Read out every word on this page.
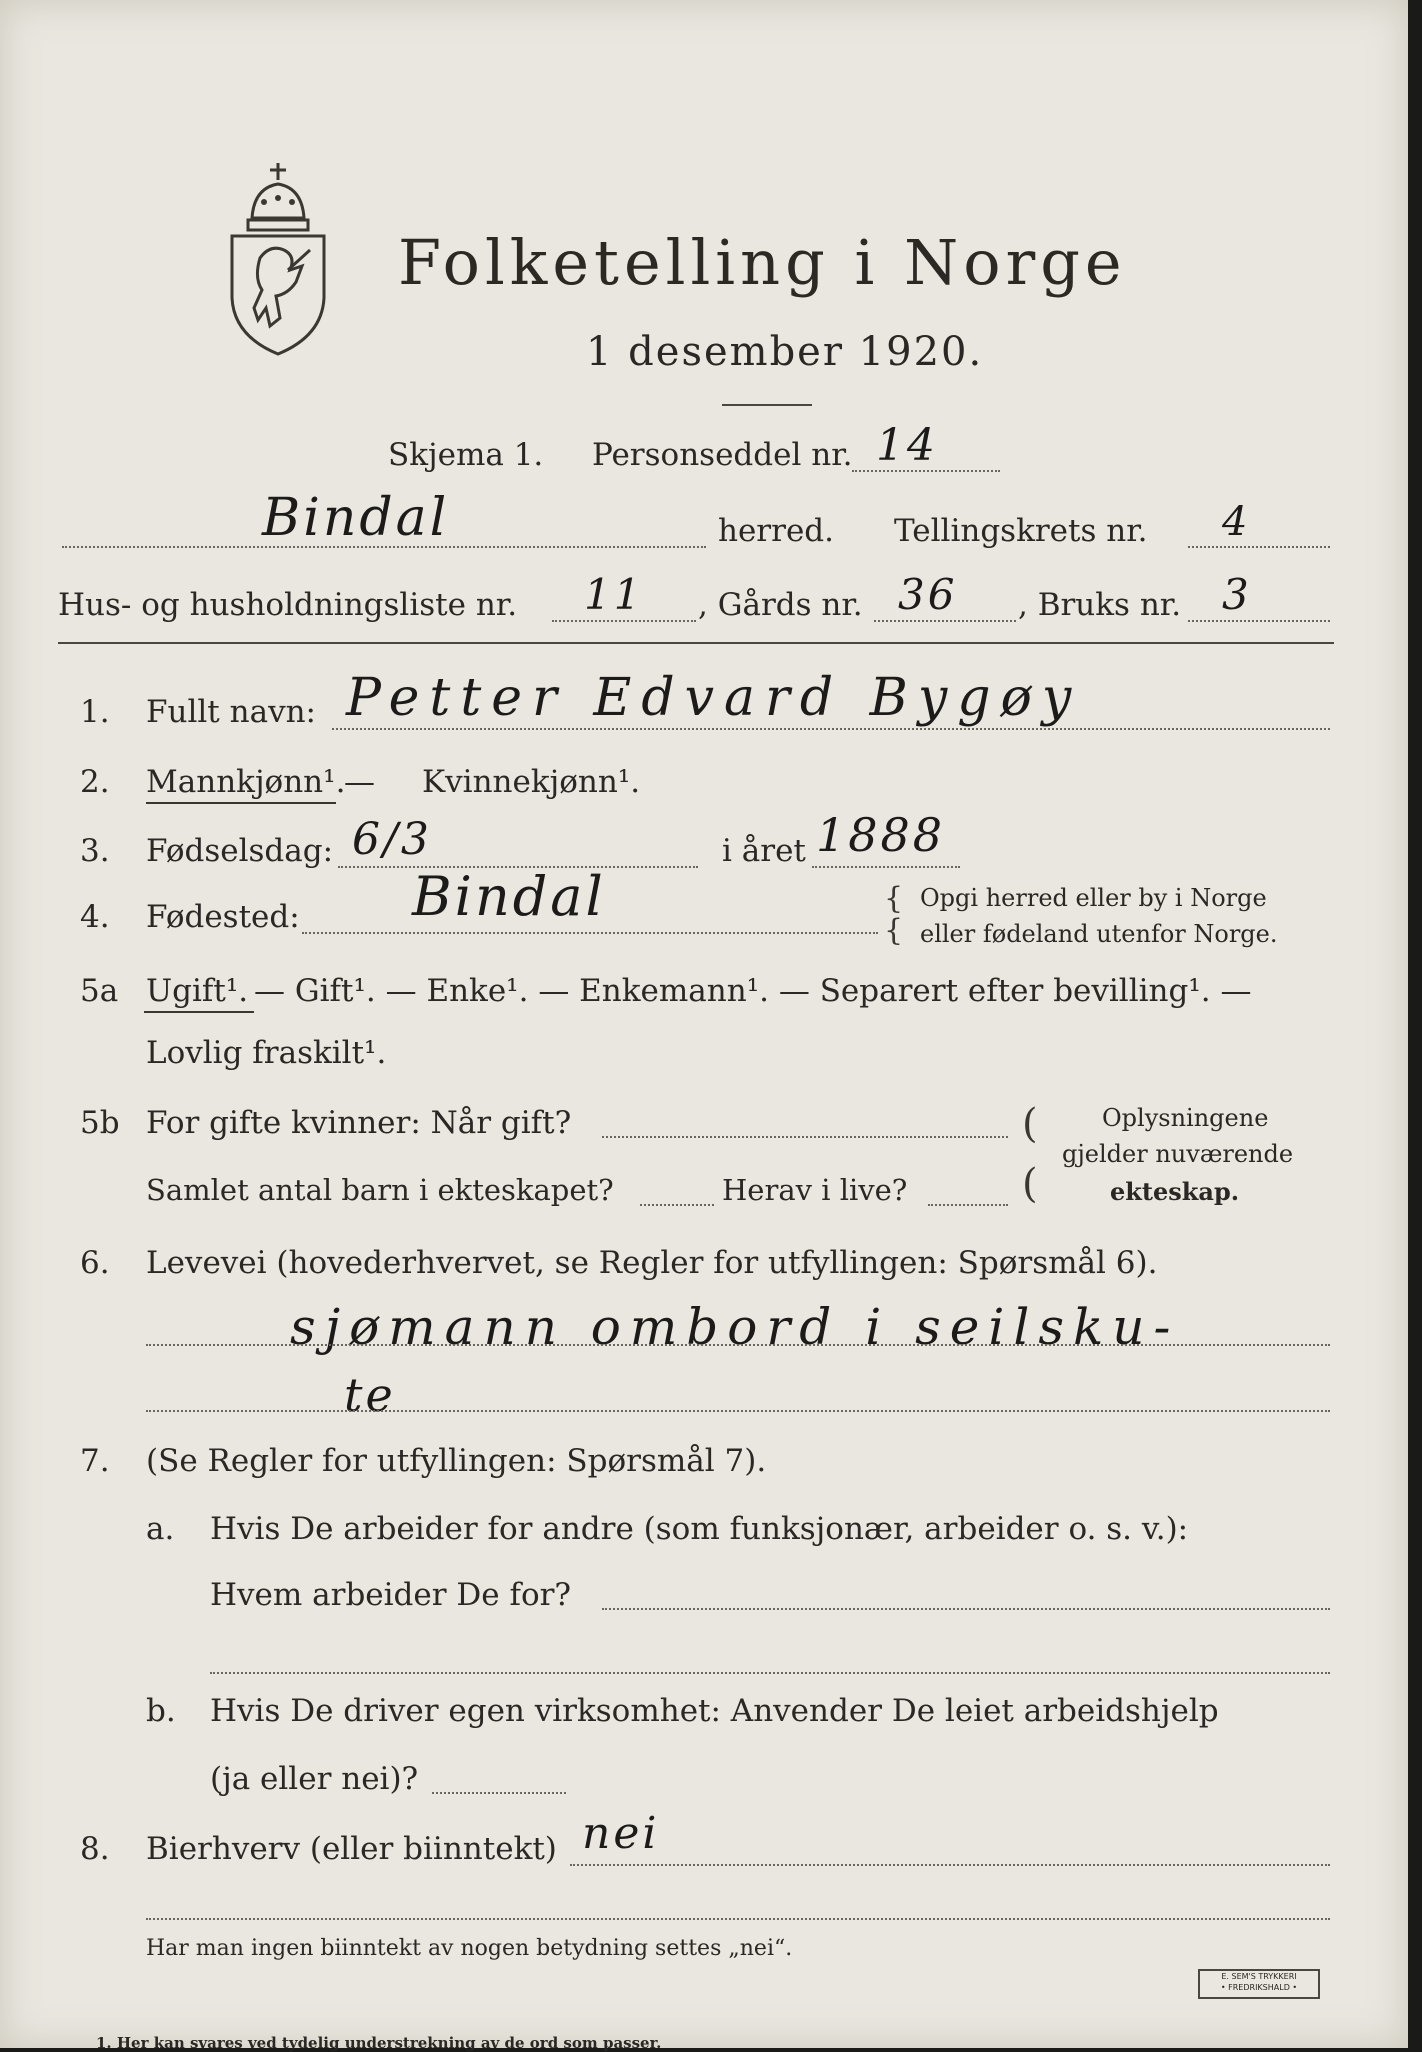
Folketelling i Norge
1 desember 1920.
Skjema 1. Personseddel nr. 14
Bindal	herred. Tellingskrets nr. 4
Hus- og husholdningsliste nr. 11 , Gårds nr. 36 , Bruks nr. 3
1. Fullt navn: Petter Edvard Bygøy
2. Mannkjønn¹.
— Kvinnekjønn¹.
3. Fødselsdag: 6/3	i året 1888
4. Fødested: Bindal	{
{
Opgi herred eller by i Norge
eller fødeland utenfor Norge.
5a Ugift¹. — Gift¹. — Enke¹. — Enkemann¹. — Separert efter bevilling¹. —
Lovlig fraskilt¹.
5b For gifte kvinner: Når gift?
Samlet antal barn i ekteskapet?	Herav i live?
(
(
Oplysningene
gjelder nuværende
ekteskap.
6. Levevei (hovederhvervet, se Regler for utfyllingen: Spørsmål 6).
sjømann ombord i seilsku-
te
7. (Se Regler for utfyllingen: Spørsmål 7).
a. Hvis De arbeider for andre (som funksjonær, arbeider o. s. v.):
Hvem arbeider De for?
b. Hvis De driver egen virksomhet: Anvender De leiet arbeidshjelp
(ja eller nei)?
8. Bierhverv (eller biinntekt) nei
Har man ingen biinntekt av nogen betydning settes „nei“.
1. Her kan svares ved tydelig understrekning av de ord som passer.
E. SEM'S TRYKKERI
• FREDRIKSHALD •
